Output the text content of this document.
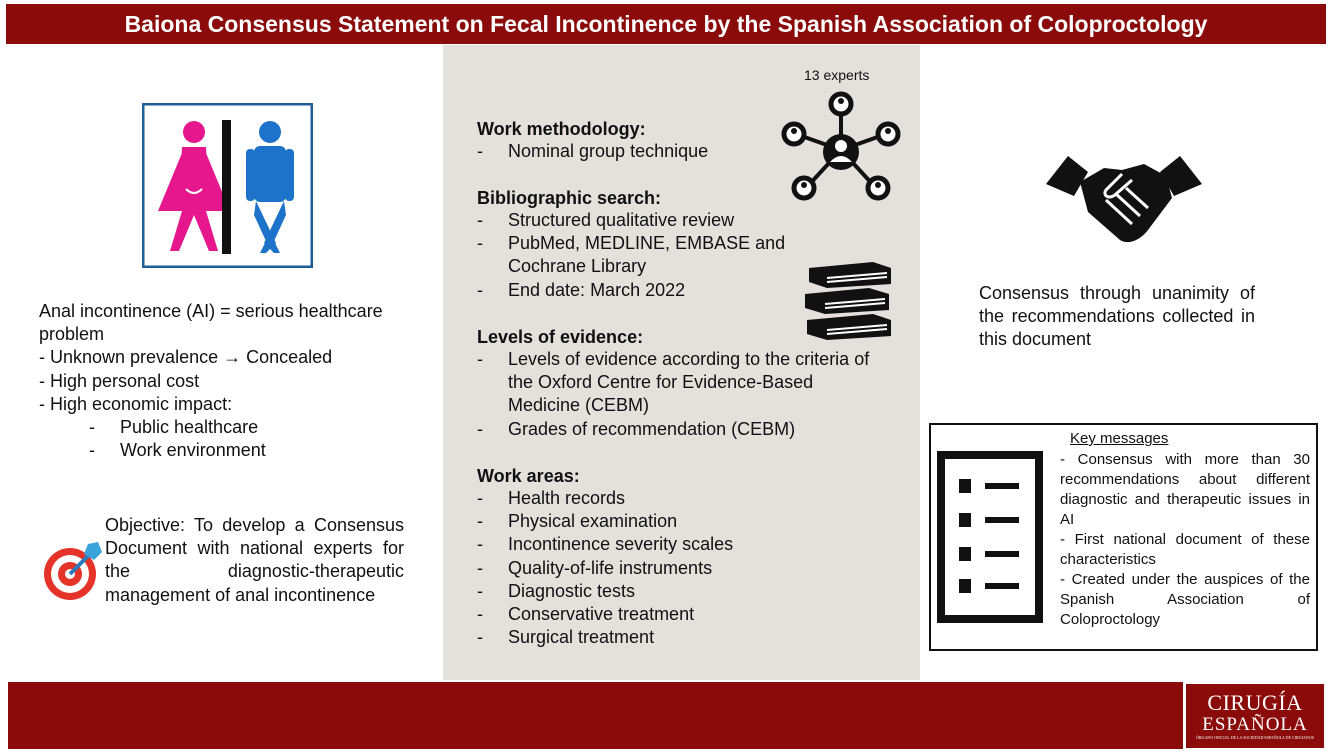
Baiona Consensus Statement on Fecal Incontinence by the Spanish Association of Coloproctology
Anal incontinence (AI) = serious healthcare problem
- Unknown prevalence → Concealed
- High personal cost
- High economic impact:
- Public healthcare
- Work environment
Objective: To develop a Consensus Document with national experts for the diagnostic-therapeutic management of anal incontinence
13 experts
Work methodology:
- Nominal group technique
Bibliographic search:
- Structured qualitative review
- PubMed, MEDLINE, EMBASE and Cochrane Library
- End date: March 2022
Levels of evidence:
- Levels of evidence according to the criteria of the Oxford Centre for Evidence-Based Medicine (CEBM)
- Grades of recommendation (CEBM)
Work areas:
- Health records
- Physical examination
- Incontinence severity scales
- Quality-of-life instruments
- Diagnostic tests
- Conservative treatment
- Surgical treatment
Consensus through unanimity of the recommendations collected in this document
Key messages
- Consensus with more than 30 recommendations about different diagnostic and therapeutic issues in AI
- First national document of these characteristics
- Created under the auspices of the Spanish Association of Coloproctology
CIRUGÍA
ESPAÑOLA
ÓRGANO OFICIAL DE LA SOCIEDAD ESPAÑOLA DE CIRUJANOS
